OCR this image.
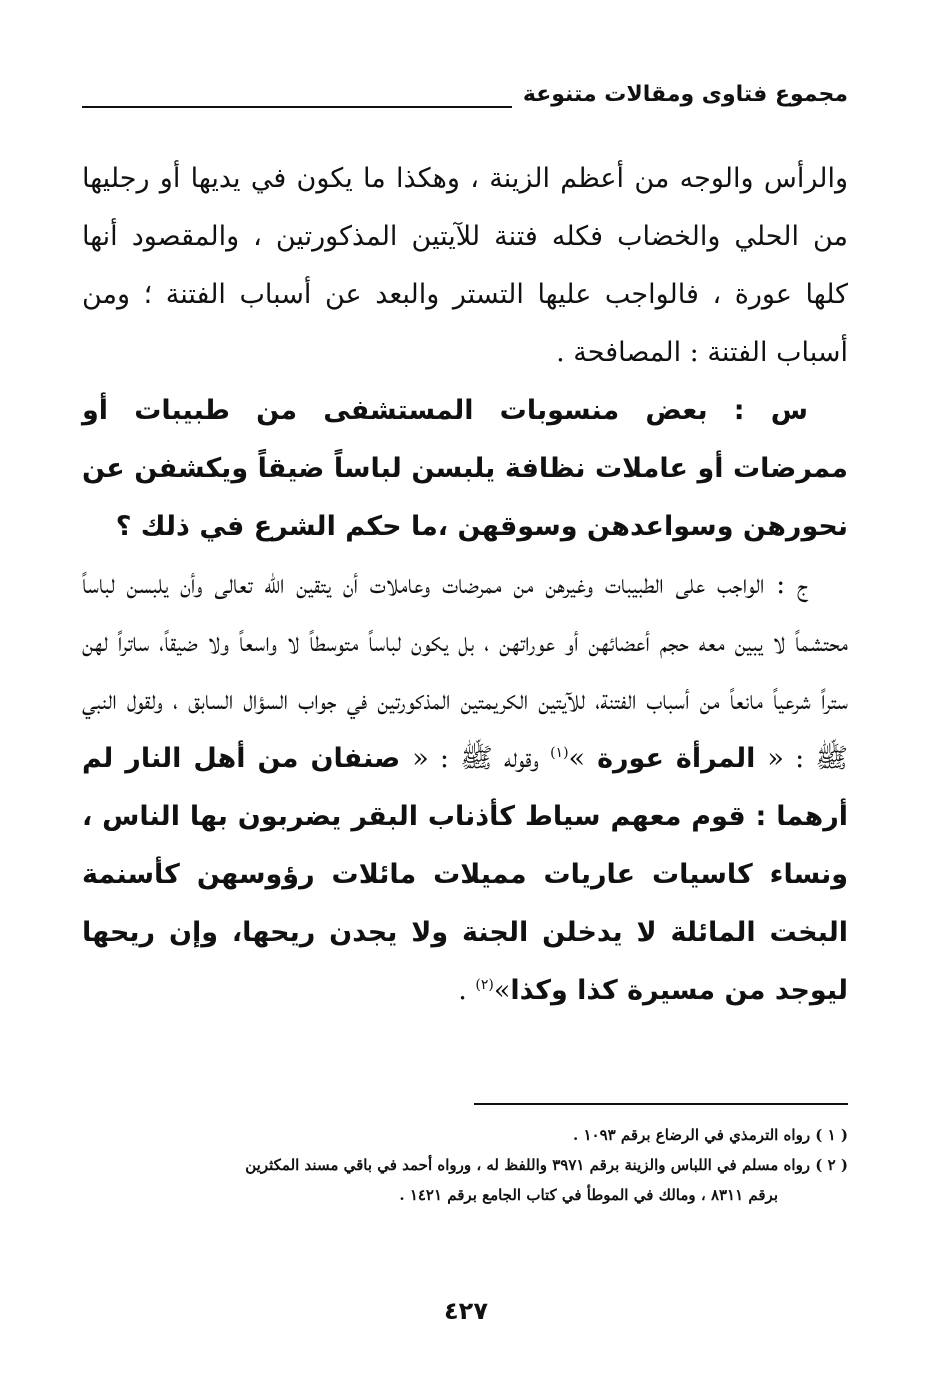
مجموع فتاوى ومقالات متنوعة

والرأس والوجه من أعظم الزينة ، وهكذا ما يكون في يديها أو رجليها من الحلي والخضاب فكله فتنة للآيتين المذكورتين ، والمقصود أنها كلها عورة ، فالواجب عليها التستر والبعد عن أسباب الفتنة ؛ ومن أسباب الفتنة : المصافحة .

س : بعض منسوبات المستشفى من طبيبات أو ممرضات أو عاملات نظافة يلبسن لباساً ضيقاً ويكشفن عن نحورهن وسواعدهن وسوقهن ،ما حكم الشرع في ذلك ؟

ج : الواجب على الطبيبات وغيرهن من ممرضات وعاملات أن يتقين الله تعالى وأن يلبسن لباساً محتشماً لا يبين معه حجم أعضائهن أو عوراتهن ، بل يكون لباساً متوسطاً لا واسعاً ولا ضيقاً، ساتراً لهن ستراً شرعياً مانعاً من أسباب الفتنة، للآيتين الكريمتين المذكورتين في جواب السؤال السابق ، ولقول النبي ﷺ : « المرأة عورة »$^{(١)}$ وقوله ﷺ : « صنفان من أهل النار لم أرهما : قوم معهم سياط كأذناب البقر يضربون بها الناس ، ونساء كاسيات عاريات مميلات مائلات رؤوسهن كأسنمة البخت المائلة لا يدخلن الجنة ولا يجدن ريحها، وإن ريحها ليوجد من مسيرة كذا وكذا»$^{(٢)}$ .

( ١ ) رواه الترمذي في الرضاع برقم ١٠٩٣ .

( ٢ ) رواه مسلم في اللباس والزينة برقم ٣٩٧١ واللفظ له ، ورواه أحمد في باقي مسند المكثرين

برقم ٨٣١١ ، ومالك في الموطأ في كتاب الجامع برقم ١٤٢١ .

٤٢٧
